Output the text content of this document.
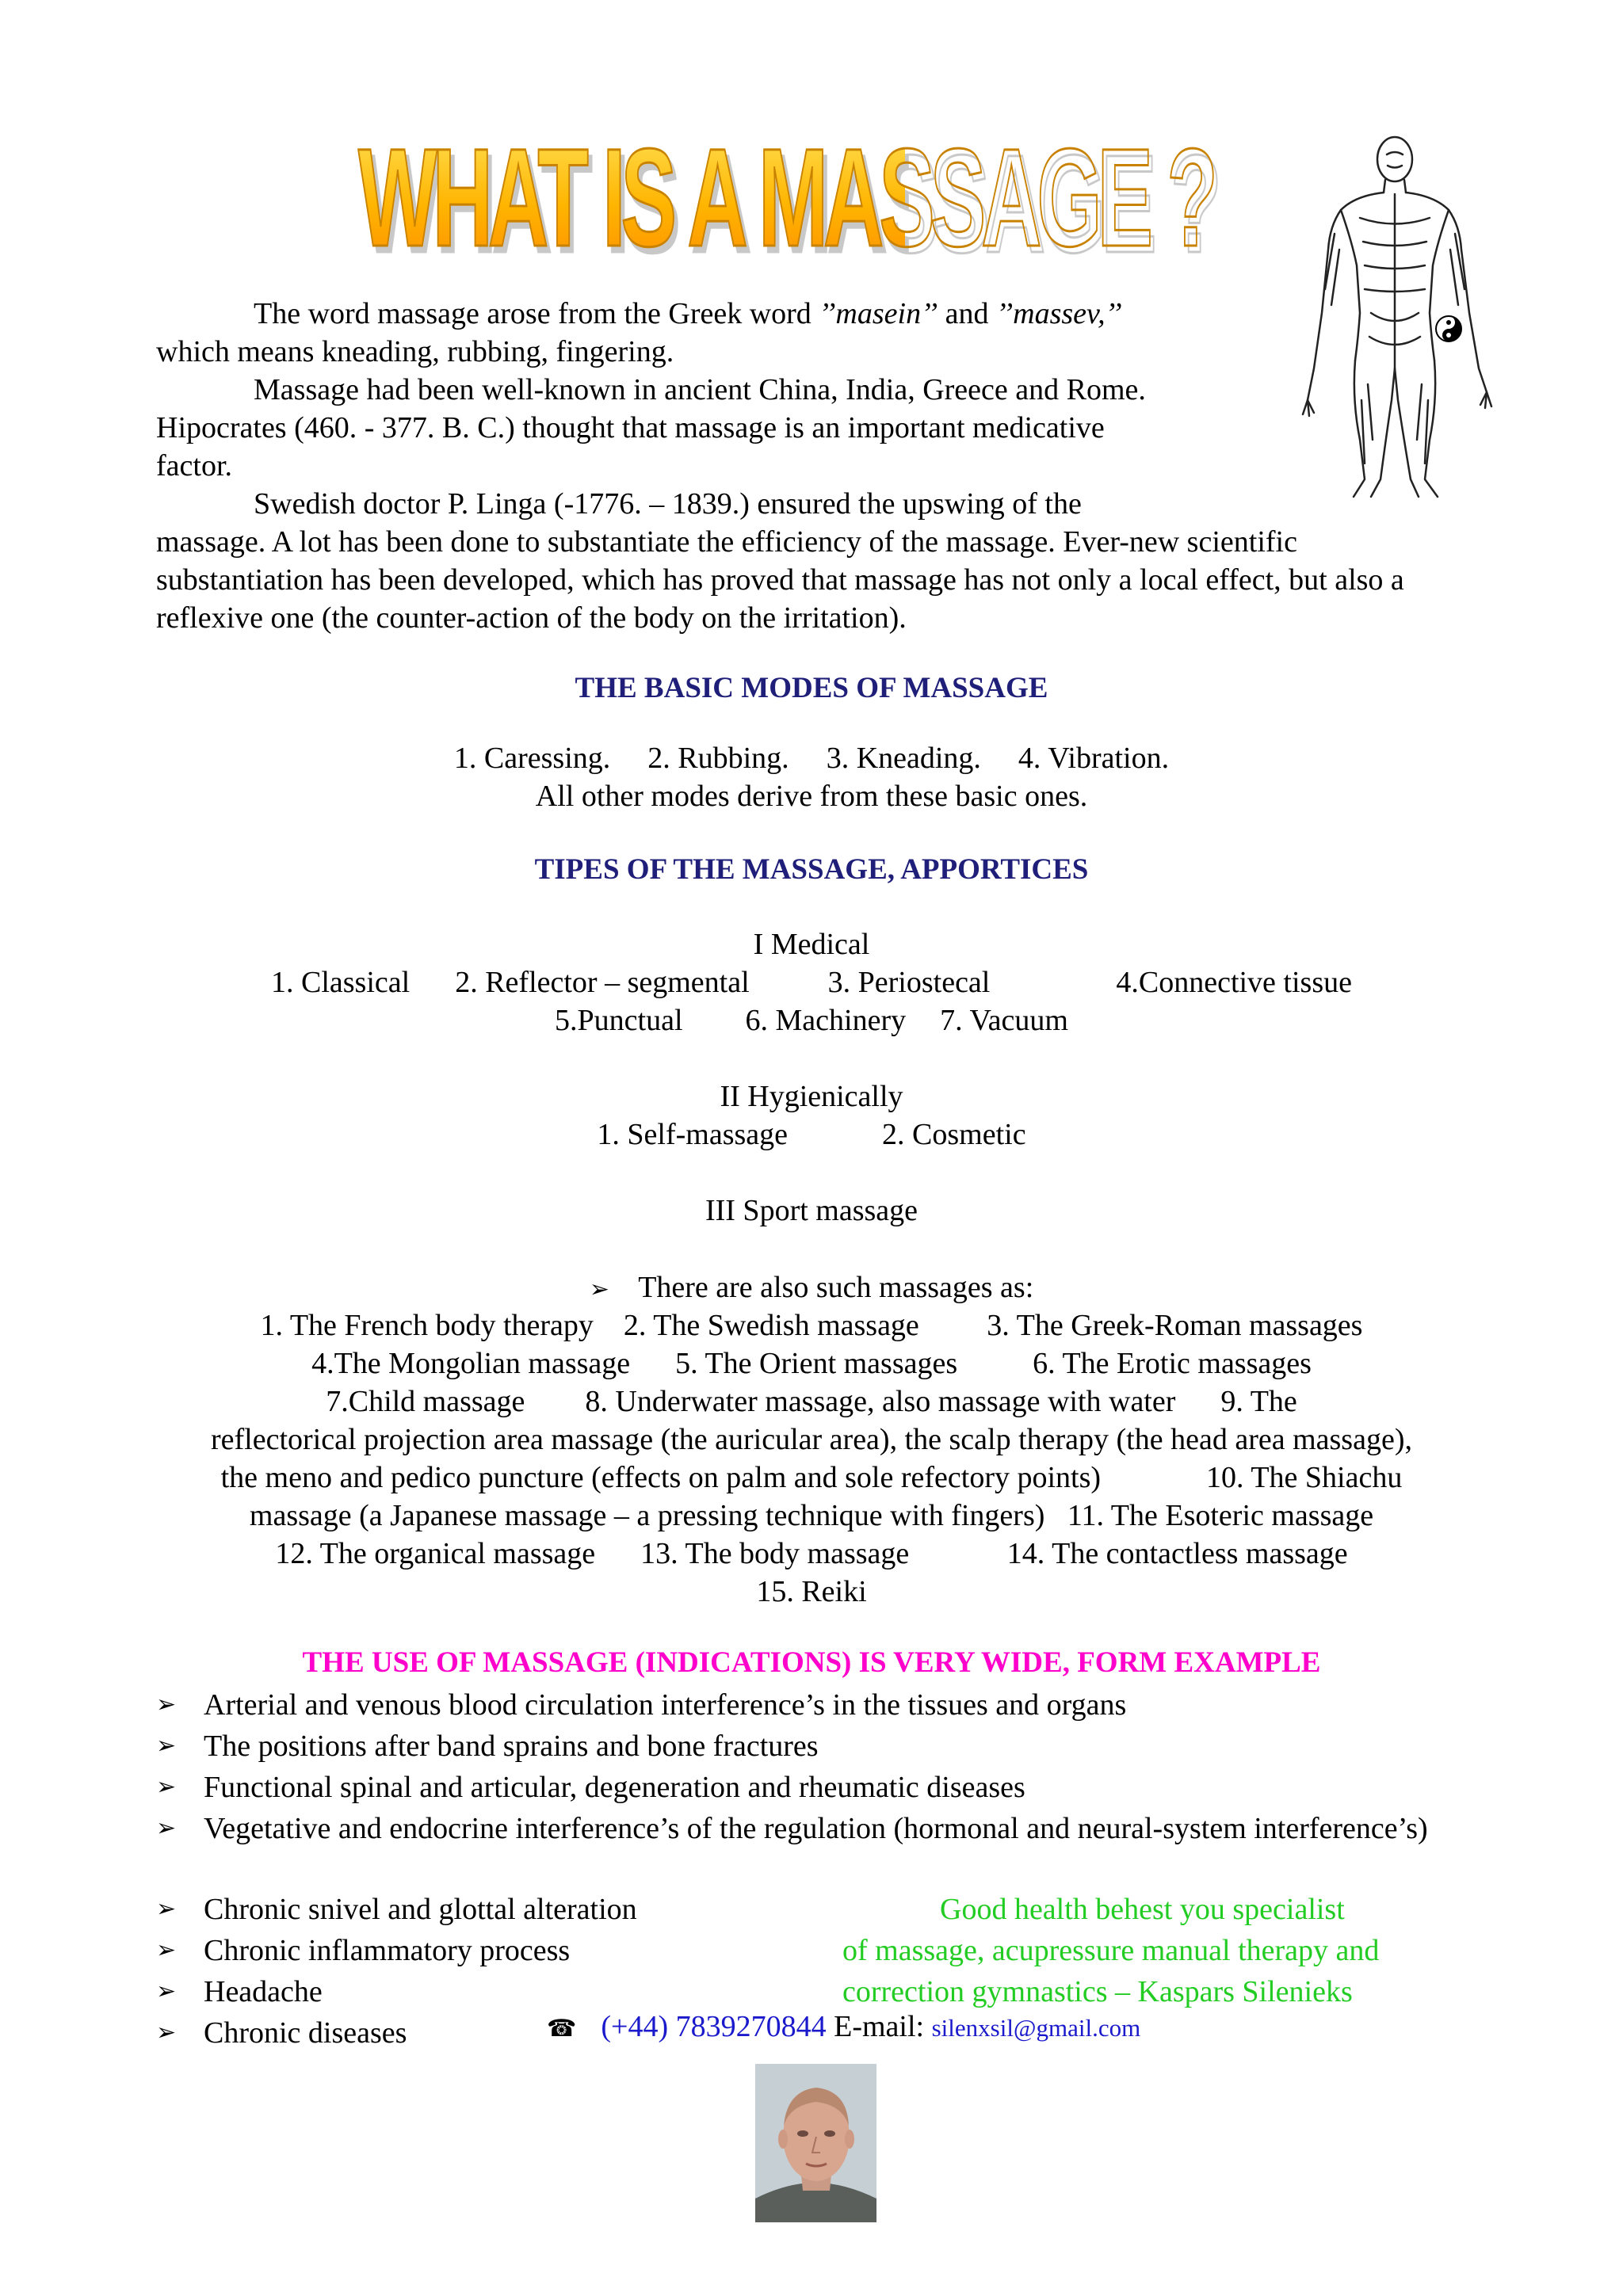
WHAT IS A MASSAGE ?
The word massage arose from the Greek word ’’masein’’ and ’’massev,’’
which means kneading, rubbing, fingering.
Massage had been well-known in ancient China, India, Greece and Rome.
Hipocrates (460. - 377. B. C.) thought that massage is an important medicative
factor.
Swedish doctor P. Linga (-1776. – 1839.) ensured the upswing of the

massage. A lot has been done to substantiate the efficiency of the massage. Ever-new scientific substantiation has been developed, which has proved that massage has not only a local effect, but also a reflexive one (the counter-action of the body on the irritation).

THE BASIC MODES OF MASSAGE
1. Caressing. 2. Rubbing. 3. Kneading. 4. Vibration.
All other modes derive from these basic ones.
TIPES OF THE MASSAGE, APPORTICES
I Medical
1. Classical 2. Reflector – segmental	3. Periostecal	4.Connective tissue
5.Punctual 6. Machinery 7. Vacuum
II Hygienically
1. Self-massage	2. Cosmetic
III Sport massage
➢ There are also such massages as:
1. The French body therapy    2. The Swedish massage         3. The Greek-Roman massages
4.The Mongolian massage      5. The Orient massages          6. The Erotic massages
7.Child massage        8. Underwater massage, also massage with water      9. The
reflectorical projection area massage (the auricular area), the scalp therapy (the head area massage),
the meno and pedico puncture (effects on palm and sole refectory points)              10. The Shiachu
massage (a Japanese massage – a pressing technique with fingers)   11. The Esoteric massage
12. The organical massage      13. The body massage             14. The contactless massage
15. Reiki
THE USE OF MASSAGE (INDICATIONS) IS VERY WIDE, FORM EXAMPLE
➢ Arterial and venous blood circulation interference’s in the tissues and organs
➢ The positions after band sprains and bone fractures
➢ Functional spinal and articular, degeneration and rheumatic diseases
➢ Vegetative and endocrine interference’s of the regulation (hormonal and neural-system interference’s)
➢ Chronic snivel and glottal alteration
➢ Chronic inflammatory process
➢ Headache
➢ Chronic diseases
Good health behest you specialist
of massage, acupressure manual therapy and
correction gymnastics – Kaspars Silenieks
☎ (+44) 7839270844 E-mail: silenxsil@gmail.com
